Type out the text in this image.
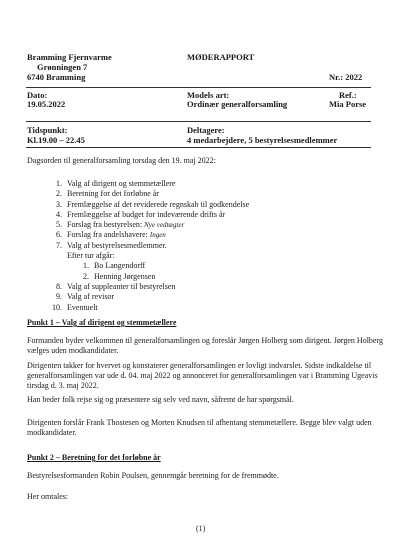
Bramming Fjernvarme
Grønningen 7
6740 Bramming
MØDERAPPORT
Nr.: 2022
Dato:
19.05.2022
Models art:
Ordinær generalforsamling
Ref.:
Mia Porse
Tidspunkt:
Kl.19.00 – 22.45
Deltagere:
4 medarbejdere, 5 bestyrelsesmedlemmer
Dagsorden til generalforsamling torsdag den 19. maj 2022:
1. Valg af dirigent og stemmetællere
2. Beretning for det forløbne år
3. Fremlæggelse af det reviderede regnskab til godkendelse
4. Fremlæggelse af budget for indeværende drifts år
5. Forslag fra bestyrelsen: Nye vedtægter
6. Forslag fra andelshavere: Ingen
7. Valg af bestyrelsesmedlemmer.
Efter tur afgår:
1. Bo Langendorff
2. Henning Jørgensen
8. Valg af suppleanter til bestyrelsen
9. Valg af revisor
10. Eventuelt
Punkt 1 – Valg af dirigent og stemmetællere
Formanden byder velkommen til generalforsamlingen og foreslår Jørgen Holberg som dirigent. Jørgen Holberg vælges uden modkandidater.
Dirigenten takker for hvervet og konstaterer generalforsamlingen er lovligt indvarslet. Sidste indkaldelse til generalforsamlingen var ude d. 04. maj 2022 og annonceret for generalforsamlingen var i Bramming Ugeavis tirsdag d. 3. maj 2022.
Han beder folk rejse sig og præsentere sig selv ved navn, såfremt de har spørgsmål.
Dirigenten forslår Frank Thostesen og Morten Knudsen til afhentang stemmetællere. Begge blev valgt uden modkandidater.
Punkt 2 – Beretning for det forløbne år
Bestyrelsesformanden Robin Poulsen, gennemgår beretning for de fremmødte.
Her omtales:
(1)
